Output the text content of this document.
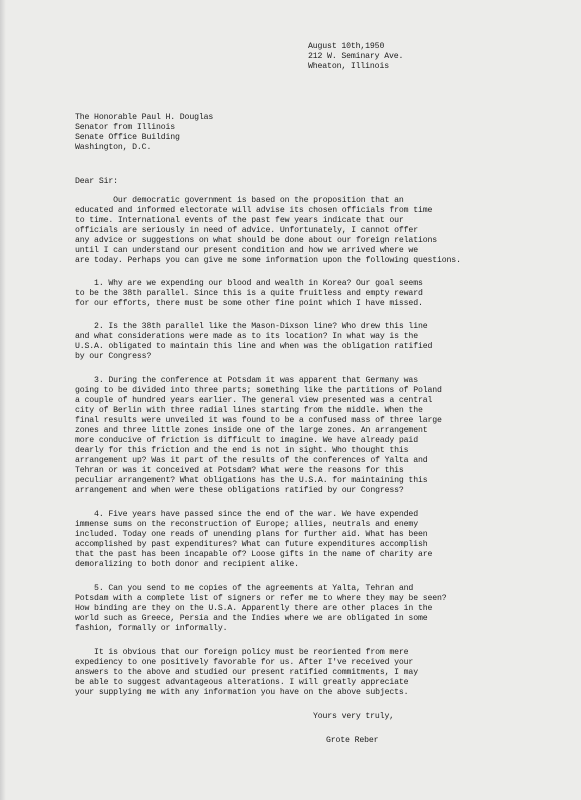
August 10th,1950
212 W. Seminary Ave.
Wheaton, Illinois
The Honorable Paul H. Douglas
Senator from Illinois
Senate Office Building
Washington, D.C.
Dear Sir:
Our democratic government is based on the proposition that an
educated and informed electorate will advise its chosen officials from time
to time. International events of the past few years indicate that our
officials are seriously in need of advice. Unfortunately, I cannot offer
any advice or suggestions on what should be done about our foreign relations
until I can understand our present condition and how we arrived where we
are today. Perhaps you can give me some information upon the following questions.
1. Why are we expending our blood and wealth in Korea? Our goal seems
to be the 38th parallel. Since this is a quite fruitless and empty reward
for our efforts, there must be some other fine point which I have missed.
2. Is the 38th parallel like the Mason-Dixson line? Who drew this line
and what considerations were made as to its location? In what way is the
U.S.A. obligated to maintain this line and when was the obligation ratified
by our Congress?
3. During the conference at Potsdam it was apparent that Germany was
going to be divided into three parts; something like the partitions of Poland
a couple of hundred years earlier. The general view presented was a central
city of Berlin with three radial lines starting from the middle. When the
final results were unveiled it was found to be a confused mass of three large
zones and three little zones inside one of the large zones. An arrangement
more conducive of friction is difficult to imagine. We have already paid
dearly for this friction and the end is not in sight. Who thought this
arrangement up? Was it part of the results of the conferences of Yalta and
Tehran or was it conceived at Potsdam? What were the reasons for this
peculiar arrangement? What obligations has the U.S.A. for maintaining this
arrangement and when were these obligations ratified by our Congress?
4. Five years have passed since the end of the war. We have expended
immense sums on the reconstruction of Europe; allies, neutrals and enemy
included. Today one reads of unending plans for further aid. What has been
accomplished by past expenditures? What can future expenditures accomplish
that the past has been incapable of? Loose gifts in the name of charity are
demoralizing to both donor and recipient alike.
5. Can you send to me copies of the agreements at Yalta, Tehran and
Potsdam with a complete list of signers or refer me to where they may be seen?
How binding are they on the U.S.A. Apparently there are other places in the
world such as Greece, Persia and the Indies where we are obligated in some
fashion, formally or informally.
It is obvious that our foreign policy must be reoriented from mere
expediency to one positively favorable for us. After I've received your
answers to the above and studied our present ratified commitments, I may
be able to suggest advantageous alterations. I will greatly appreciate
your supplying me with any information you have on the above subjects.
Yours very truly,
Grote Reber
